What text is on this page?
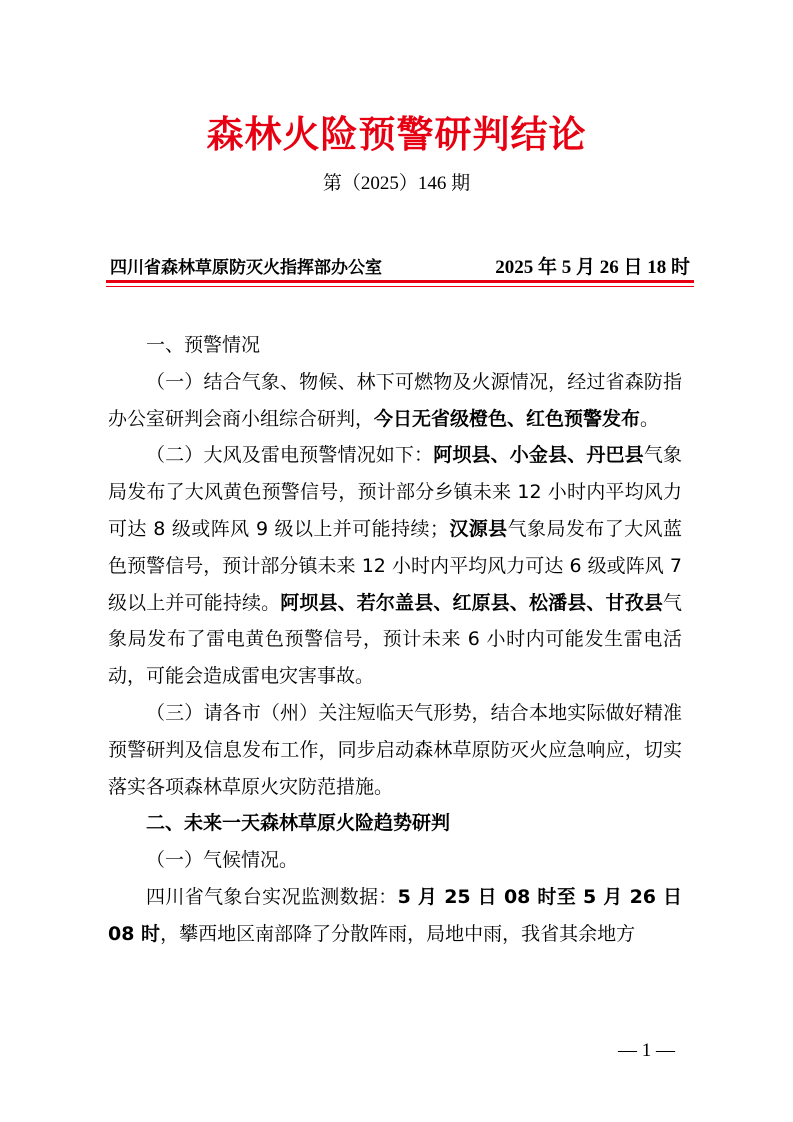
森林火险预警研判结论
第（2025）146 期
四川省森林草原防灭火指挥部办公室	2025 年 5 月 26 日 18 时

一、预警情况

（一）结合气象、物候、林下可燃物及火源情况，经过省森防指办公室研判会商小组综合研判，今日无省级橙色、红色预警发布。

（二）大风及雷电预警情况如下：阿坝县、小金县、丹巴县气象局发布了大风黄色预警信号，预计部分乡镇未来 12 小时内平均风力可达 8 级或阵风 9 级以上并可能持续；汉源县气象局发布了大风蓝色预警信号，预计部分镇未来 12 小时内平均风力可达 6 级或阵风 7 级以上并可能持续。阿坝县、若尔盖县、红原县、松潘县、甘孜县气象局发布了雷电黄色预警信号，预计未来 6 小时内可能发生雷电活动，可能会造成雷电灾害事故。

（三）请各市（州）关注短临天气形势，结合本地实际做好精准预警研判及信息发布工作，同步启动森林草原防灭火应急响应，切实落实各项森林草原火灾防范措施。

二、未来一天森林草原火险趋势研判

（一）气候情况。

四川省气象台实况监测数据：5 月 25 日 08 时至 5 月 26 日 08 时，攀西地区南部降了分散阵雨，局地中雨，我省其余地方

— 1 —
